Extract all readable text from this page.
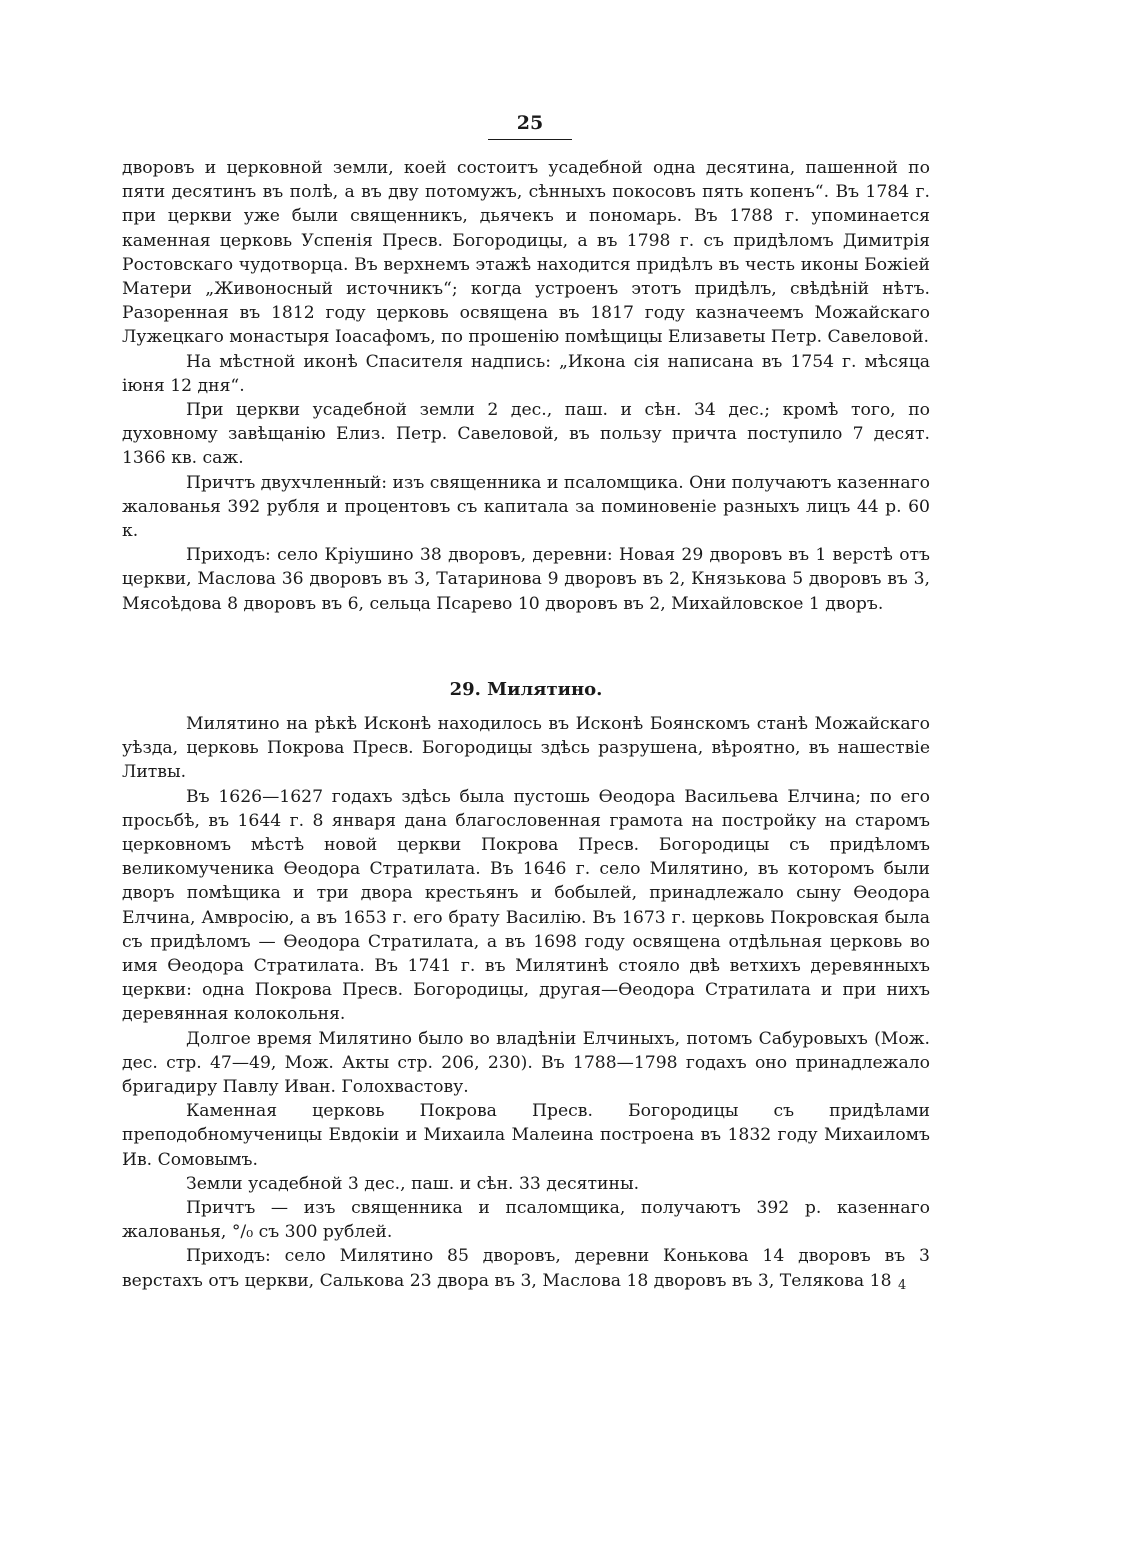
25

дворовъ и церковной земли, коей состоитъ усадебной одна десятина, пашенной по пяти десятинъ въ полѣ, а въ дву потомужъ, сѣнныхъ покосовъ пять копенъ“. Въ 1784 г. при церкви уже были священникъ, дьячекъ и пономарь. Въ 1788 г. упоминается каменная церковь Успенія Пресв. Богородицы, а въ 1798 г. съ придѣломъ Димитрія Ростовскаго чудотворца. Въ верхнемъ этажѣ находится придѣлъ въ честь иконы Божіей Матери „Живоносный источникъ“; когда устроенъ этотъ придѣлъ, свѣдѣній нѣтъ. Разоренная въ 1812 году церковь освящена въ 1817 году казначеемъ Можайскаго Лужецкаго монастыря Іоасафомъ, по прошенію помѣщицы Елизаветы Петр. Савеловой.

На мѣстной иконѣ Спасителя надпись: „Икона сія написана въ 1754 г. мѣсяца іюня 12 дня“.

При церкви усадебной земли 2 дес., паш. и сѣн. 34 дес.; кромѣ того, по духовному завѣщанію Елиз. Петр. Савеловой, въ пользу причта поступило 7 десят. 1366 кв. саж.

Причтъ двухчленный: изъ священника и псаломщика. Они получаютъ казеннаго жалованья 392 рубля и процентовъ съ капитала за поминовеніе разныхъ лицъ 44 р. 60 к.

Приходъ: село Кріушино 38 дворовъ, деревни: Новая 29 дворовъ въ 1 верстѣ отъ церкви, Маслова 36 дворовъ въ 3, Татаринова 9 дворовъ въ 2, Князькова 5 дворовъ въ 3, Мясоѣдова 8 дворовъ въ 6, сельца Псарево 10 дворовъ въ 2, Михайловское 1 дворъ.

29. Милятино.

Милятино на рѣкѣ Исконѣ находилось въ Исконѣ Боянскомъ станѣ Можайскаго уѣзда, церковь Покрова Пресв. Богородицы здѣсь разрушена, вѣроятно, въ нашествіе Литвы.

Въ 1626—1627 годахъ здѣсь была пустошь Ѳеодора Васильева Елчина; по его просьбѣ, въ 1644 г. 8 января дана благословенная грамота на постройку на старомъ церковномъ мѣстѣ новой церкви Покрова Пресв. Богородицы съ придѣломъ великомученика Ѳеодора Стратилата. Въ 1646 г. село Милятино, въ которомъ были дворъ помѣщика и три двора крестьянъ и бобылей, принадлежало сыну Ѳеодора Елчина, Амвросію, а въ 1653 г. его брату Василію. Въ 1673 г. церковь Покровская была съ придѣломъ — Ѳеодора Стратилата, а въ 1698 году освящена отдѣльная церковь во имя Ѳеодора Стратилата. Въ 1741 г. въ Милятинѣ стояло двѣ ветхихъ деревянныхъ церкви: одна Покрова Пресв. Богородицы, другая—Ѳеодора Стратилата и при нихъ деревянная колокольня.

Долгое время Милятино было во владѣніи Елчиныхъ, потомъ Сабуровыхъ (Мож. дес. стр. 47—49, Мож. Акты стр. 206, 230). Въ 1788—1798 годахъ оно принадлежало бригадиру Павлу Иван. Голохвастову.

Каменная церковь Покрова Пресв. Богородицы съ придѣлами преподобномученицы Евдокіи и Михаила Малеина построена въ 1832 году Михаиломъ Ив. Сомовымъ.

Земли усадебной 3 дес., паш. и сѣн. 33 десятины.

Причтъ — изъ священника и псаломщика, получаютъ 392 р. казеннаго жалованья, °/₀ съ 300 рублей.

Приходъ: село Милятино 85 дворовъ, деревни Конькова 14 дворовъ въ 3 верстахъ отъ церкви, Салькова 23 двора въ 3, Маслова 18 дворовъ въ 3, Телякова 18 4
